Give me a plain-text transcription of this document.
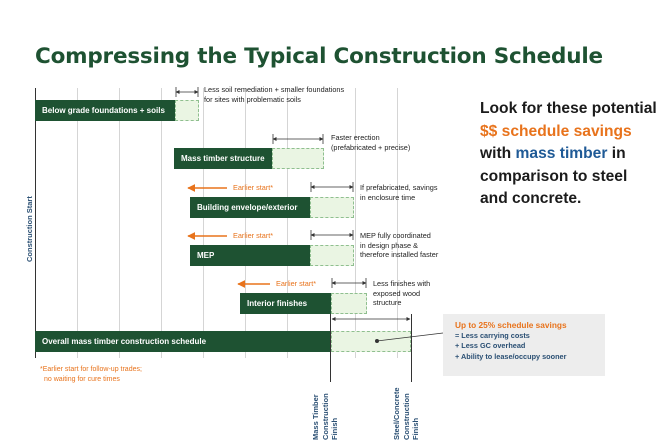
Compressing the Typical Construction Schedule
Construction Start
Below grade foundations + soils
Less soil remediation + smaller foundations
for sites with problematic soils
Mass timber structure
Faster erection
(prefabricated + precise)
Earlier start*
Building envelope/exterior
If prefabricated, savings
in enclosure time
Earlier start*
MEP
MEP fully coordinated
in design phase &
therefore installed faster
Earlier start*
Interior finishes
Less finishes with
exposed wood
structure
Overall mass timber construction schedule
Up to 25% schedule savings
= Less carrying costs
+ Less GC overhead
+ Ability to lease/occupy sooner
*Earlier start for follow-up trades;
no waiting for cure times
Mass Timber Construction Finish	Steel/Concrete Construction Finish
Look for these potential
$$ schedule savings
with mass timber in
comparison to steel
and concrete.
